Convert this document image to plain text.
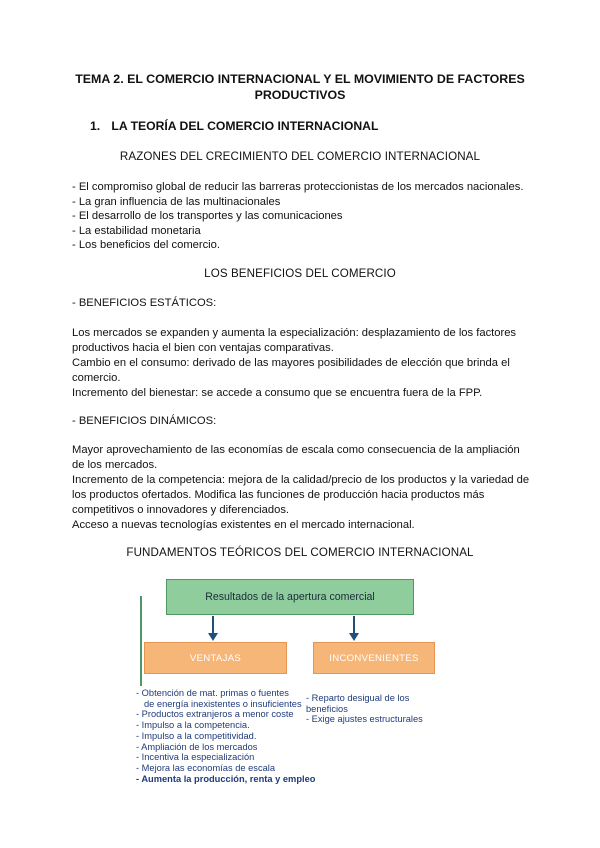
TEMA 2. EL COMERCIO INTERNACIONAL Y EL MOVIMIENTO DE FACTORES PRODUCTIVOS
1. LA TEORÍA DEL COMERCIO INTERNACIONAL
RAZONES DEL CRECIMIENTO DEL COMERCIO INTERNACIONAL
- El compromiso global de reducir las barreras proteccionistas de los mercados nacionales.
- La gran influencia de las multinacionales
- El desarrollo de los transportes y las comunicaciones
- La estabilidad monetaria
- Los beneficios del comercio.
LOS BENEFICIOS DEL COMERCIO
- BENEFICIOS ESTÁTICOS:

Los mercados se expanden y aumenta la especialización: desplazamiento de los factores productivos hacia el bien con ventajas comparativas.
Cambio en el consumo: derivado de las mayores posibilidades de elección que brinda el comercio.
Incremento del bienestar: se accede a consumo que se encuentra fuera de la FPP.

- BENEFICIOS DINÁMICOS:

Mayor aprovechamiento de las economías de escala como consecuencia de la ampliación de los mercados.
Incremento de la competencia: mejora de la calidad/precio de los productos y la variedad de los productos ofertados. Modifica las funciones de producción hacia productos más competitivos o innovadores y diferenciados.
Acceso a nuevas tecnologías existentes en el mercado internacional.

FUNDAMENTOS TEÓRICOS DEL COMERCIO INTERNACIONAL
Resultados de la apertura comercial
VENTAJAS	INCONVENIENTES
- Obtención de mat. primas o fuentes
de energía inexistentes o insuficientes
- Productos extranjeros a menor coste
- Impulso a la competencia.
- Impulso a la competitividad.
- Ampliación de los mercados
- Incentiva la especialización
- Mejora las economías de escala
- Aumenta la producción, renta y empleo
- Reparto desigual de los beneficios
- Exige ajustes estructurales
